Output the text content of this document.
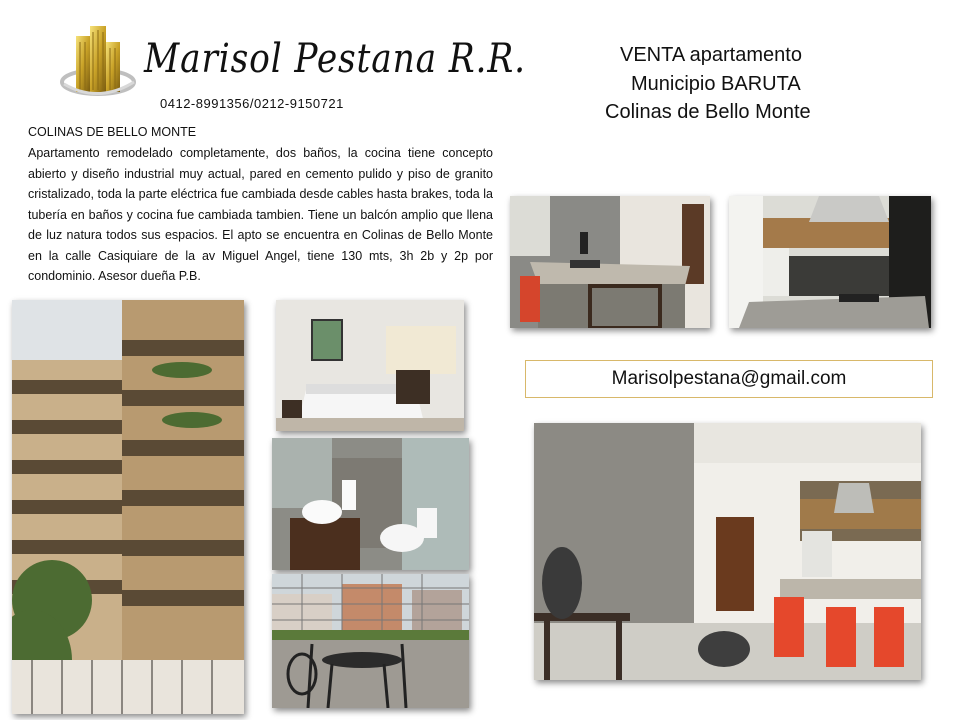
Marisol Pestana R.R.
0412-8991356/0212-9150721
VENTA apartamento
Municipio BARUTA
Colinas de Bello Monte
COLINAS DE BELLO MONTE
Apartamento remodelado completamente, dos baños, la cocina tiene concepto abierto y diseño industrial muy actual, pared en cemento pulido y piso de granito cristalizado, toda la parte eléctrica fue cambiada desde cables hasta brakes, toda la tubería en baños y cocina fue cambiada tambien. Tiene un balcón amplio que llena de luz natura todos sus espacios. El apto se encuentra en Colinas de Bello Monte en la calle Casiquiare de la av Miguel Angel, tiene 130 mts, 3h 2b y 2p por condominio. Asesor dueña P.B.
Marisolpestana@gmail.com
